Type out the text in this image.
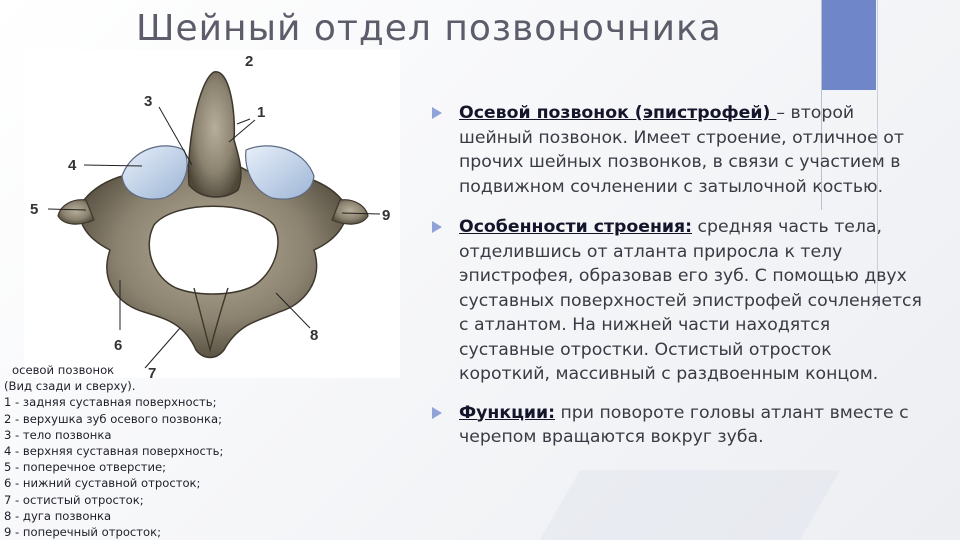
Шейный отдел позвоночника
1
2
3
4
5
6
7
8
9
осевой позвонок
(Вид сзади и сверху).
1 - задняя суставная поверхность;
2 - верхушка зуб осевого позвонка;
3 - тело позвонка
4 - верхняя суставная поверхность;
5 - поперечное отверстие;
6 - нижний суставной отросток;
7 - остистый отросток;
8 - дуга позвонка
9 - поперечный отросток;
Осевой позвонок (эпистрофей) – второй шейный позвонок. Имеет строение, отличное от прочих шейных позвонков, в связи с участием в подвижном сочленении с затылочной костью.
Особенности строения: средняя часть тела, отделившись от атланта приросла к телу эпистрофея, образовав его зуб. С помощью двух суставных поверхностей эпистрофей сочленяется с атлантом. На нижней части находятся суставные отростки. Остистый отросток короткий, массивный с раздвоенным концом.
Функции: при повороте головы атлант вместе с черепом вращаются вокруг зуба.
